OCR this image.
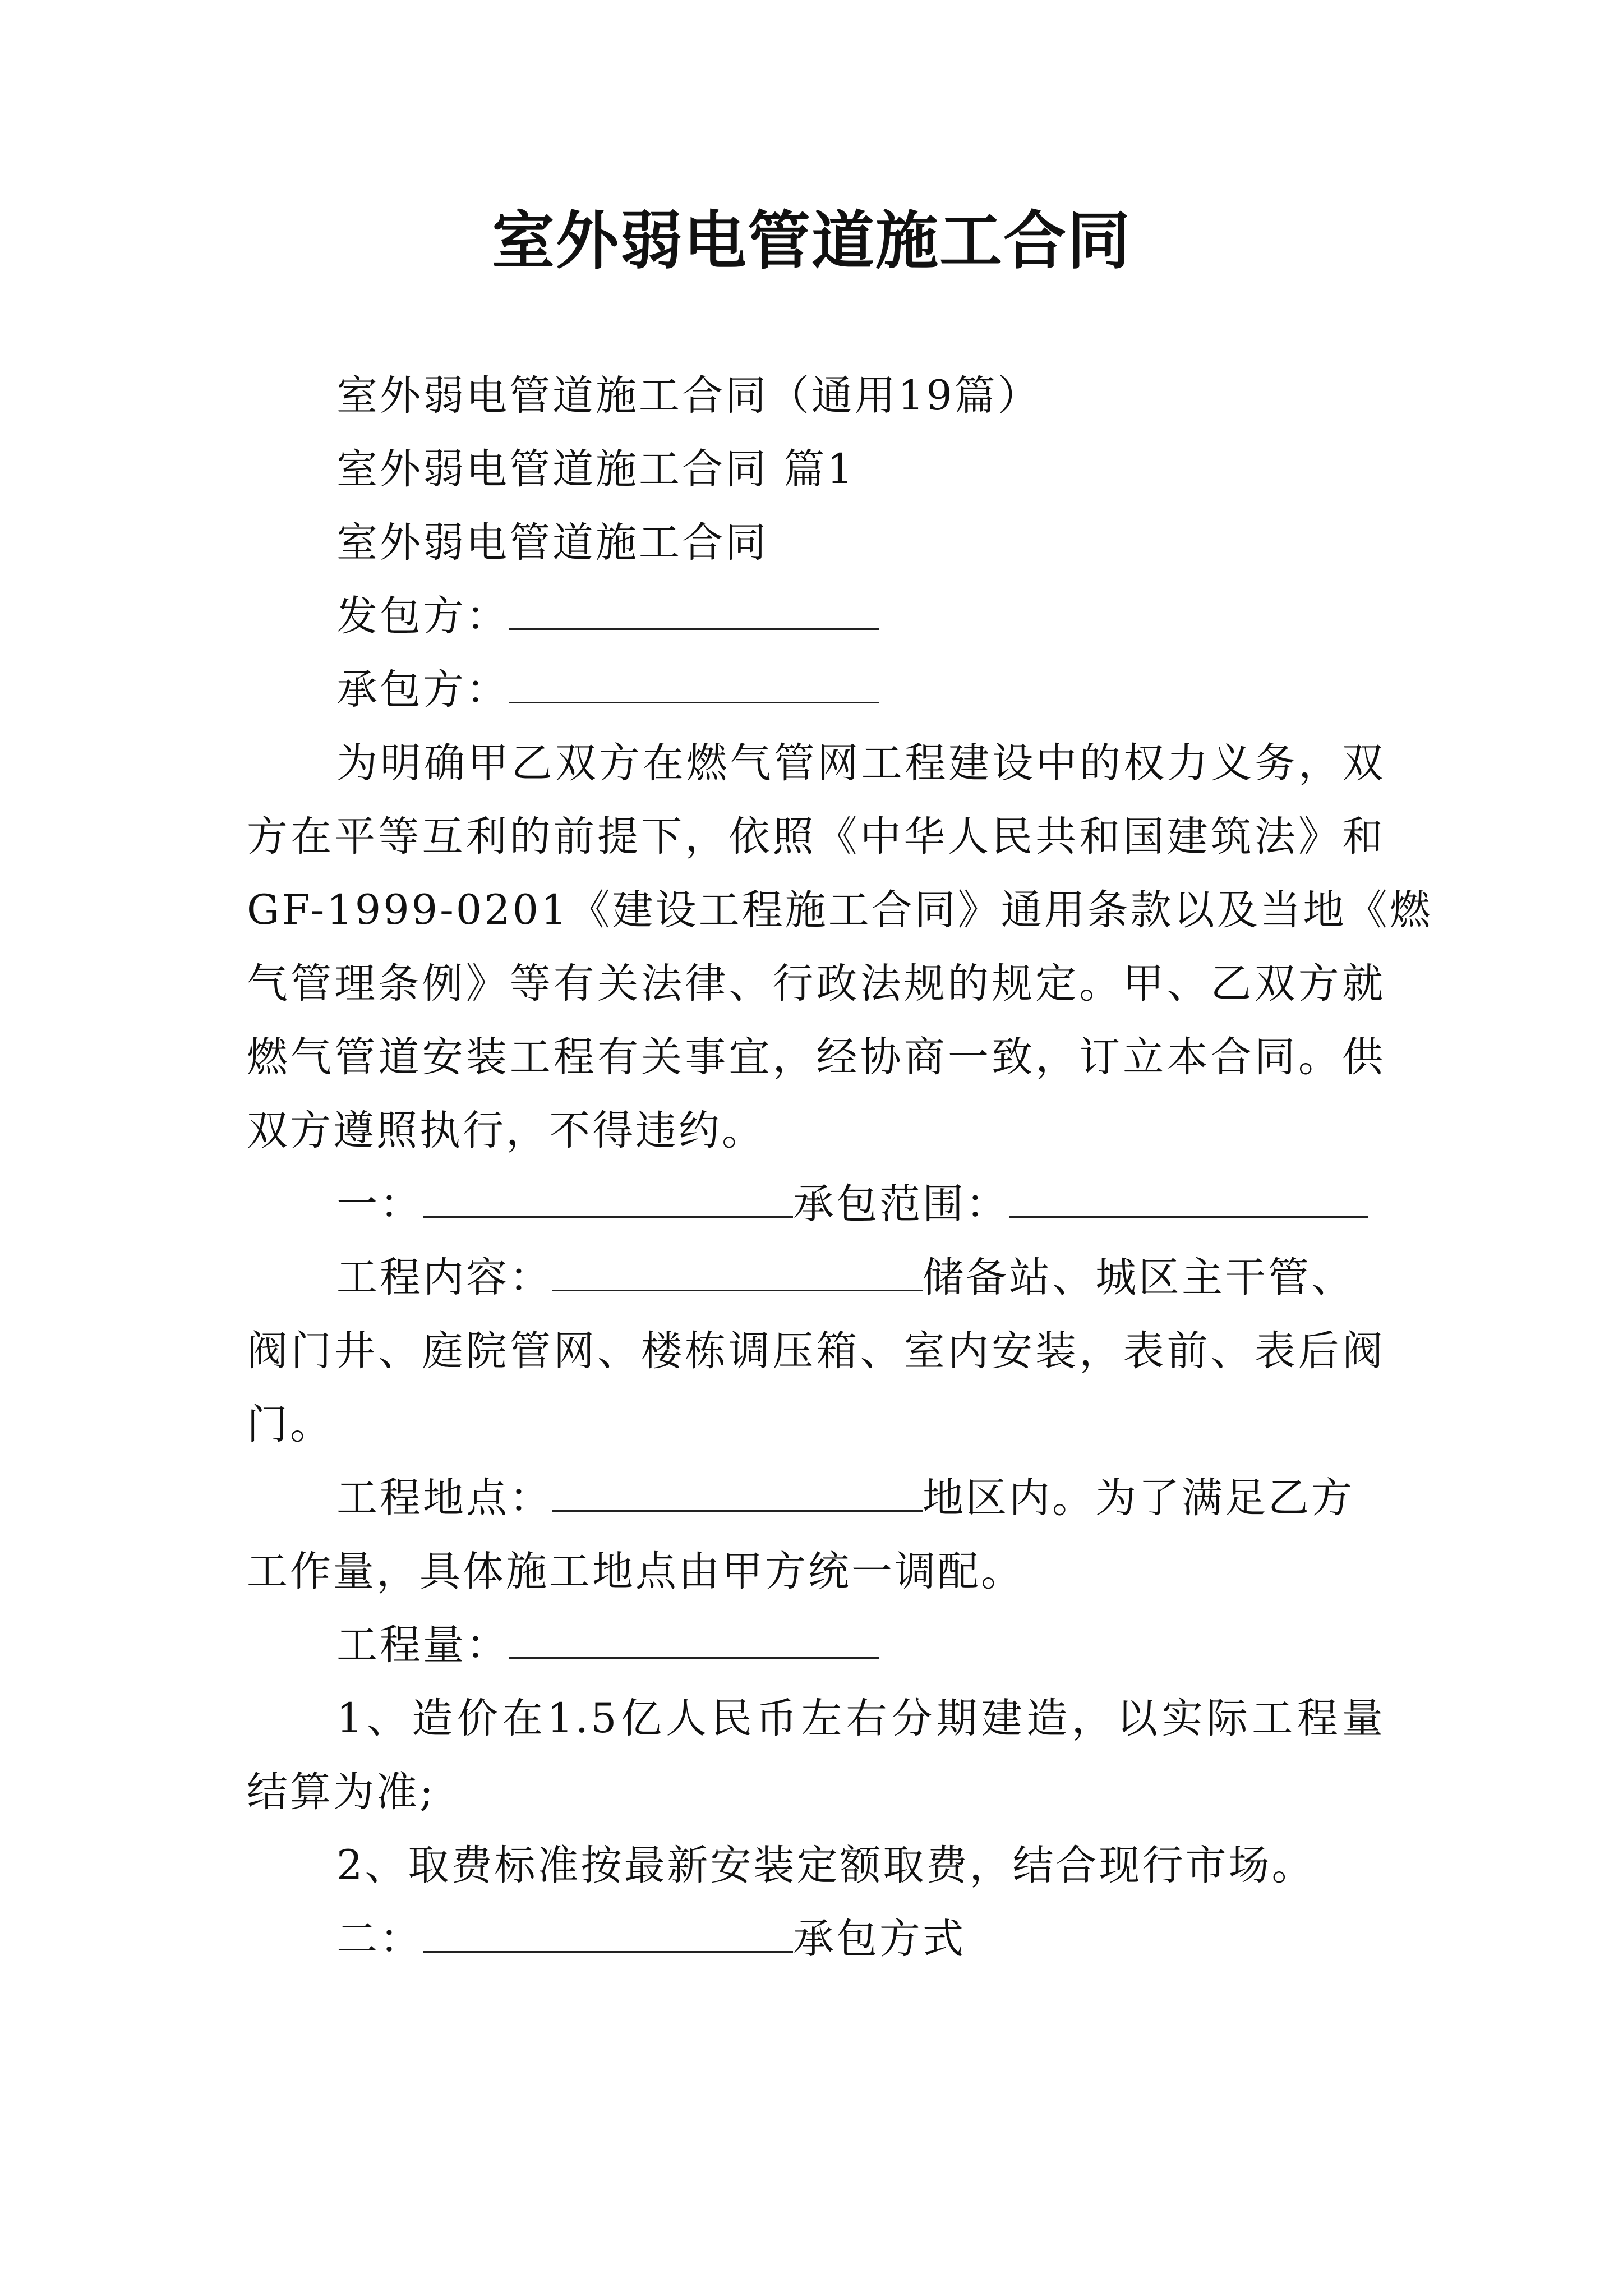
室外弱电管道施工合同
室外弱电管道施工合同（通用19篇）
室外弱电管道施工合同 篇1
室外弱电管道施工合同
发包方：
承包方：
为明确甲乙双方在燃气管网工程建设中的权力义务，双
方在平等互利的前提下，依照《中华人民共和国建筑法》和
GF-1999-0201《建设工程施工合同》通用条款以及当地《燃
气管理条例》等有关法律、行政法规的规定。甲、乙双方就
燃气管道安装工程有关事宜，经协商一致，订立本合同。供
双方遵照执行，不得违约。
一：	承包范围：
工程内容：	储备站、城区主干管、
阀门井、庭院管网、楼栋调压箱、室内安装，表前、表后阀
门。
工程地点：	地区内。为了满足乙方
工作量，具体施工地点由甲方统一调配。
工程量：
1、造价在1.5亿人民币左右分期建造，以实际工程量
结算为准;
2、取费标准按最新安装定额取费，结合现行市场。
二：	承包方式
